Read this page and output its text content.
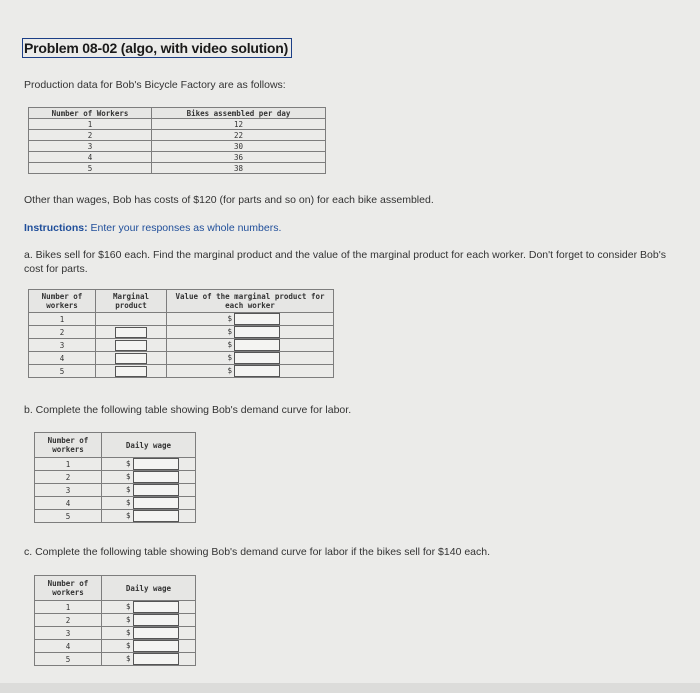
Problem 08-02 (algo, with video solution)
Production data for Bob's Bicycle Factory are as follows:
Number of Workers	Bikes assembled per day
1	12
2	22
3	30
4	36
5	38
Other than wages, Bob has costs of $120 (for parts and so on) for each bike assembled.
Instructions: Enter your responses as whole numbers.
a. Bikes sell for $160 each. Find the marginal product and the value of the marginal product for each worker. Don't forget to consider Bob's cost for parts.
Number of workers	Marginal product	Value of the marginal product for each worker
1		$
2		$
3		$
4		$
5		$
b. Complete the following table showing Bob's demand curve for labor.
Number of workers	Daily wage
1	$
2	$
3	$
4	$
5	$
c. Complete the following table showing Bob's demand curve for labor if the bikes sell for $140 each.
Number of workers	Daily wage
1	$
2	$
3	$
4	$
5	$
